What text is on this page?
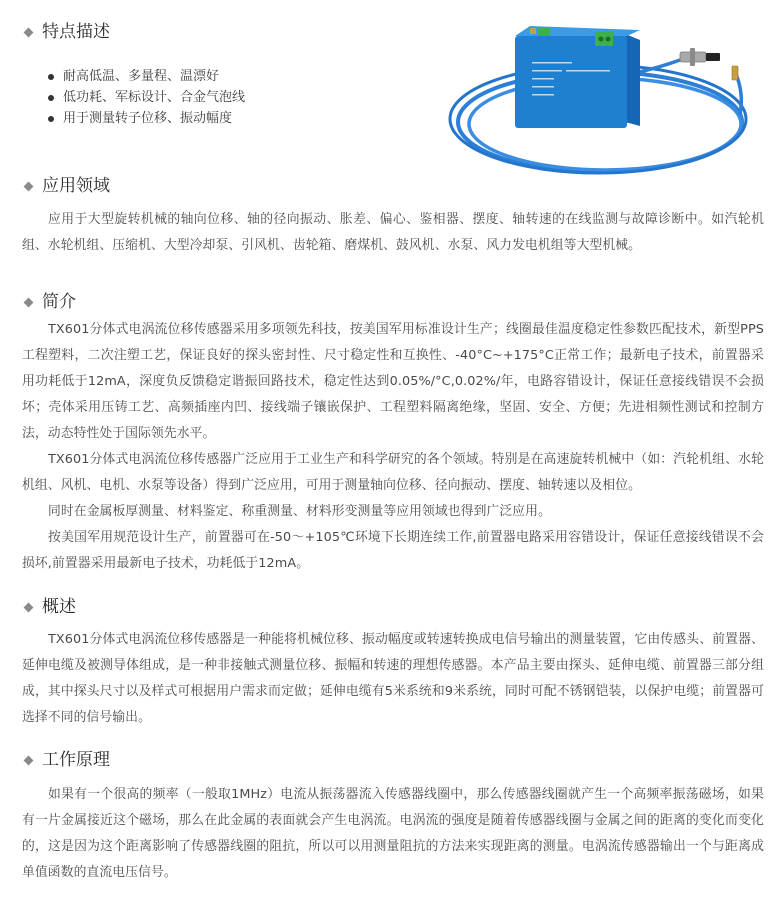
特点描述
耐高低温、多量程、温漂好
低功耗、军标设计、合金气泡线
用于测量转子位移、振动幅度
应用领域

应用于大型旋转机械的轴向位移、轴的径向振动、胀差、偏心、鉴相器、摆度、轴转速的在线监测与故障诊断中。如汽轮机组、水轮机组、压缩机、大型冷却泵、引风机、齿轮箱、磨煤机、鼓风机、水泵、风力发电机组等大型机械。

简介

TX601分体式电涡流位移传感器采用多项领先科技，按美国军用标准设计生产；线圈最佳温度稳定性参数匹配技术，新型PPS工程塑料，二次注塑工艺，保证良好的探头密封性、尺寸稳定性和互换性、-40°C~+175°C正常工作；最新电子技术，前置器采用功耗低于12mA，深度负反馈稳定谐振回路技术，稳定性达到0.05%/°C,0.02%/年，电路容错设计，保证任意接线错误不会损坏；壳体采用压铸工艺、高频插座内凹、接线端子镶嵌保护、工程塑料隔离绝缘，坚固、安全、方便；先进相频性测试和控制方法，动态特性处于国际领先水平。

TX601分体式电涡流位移传感器广泛应用于工业生产和科学研究的各个领域。特别是在高速旋转机械中（如：汽轮机组、水轮机组、风机、电机、水泵等设备）得到广泛应用，可用于测量轴向位移、径向振动、摆度、轴转速以及相位。

同时在金属板厚测量、材料鉴定、称重测量、材料形变测量等应用领域也得到广泛应用。

按美国军用规范设计生产，前置器可在-50～+105℃环境下长期连续工作,前置器电路采用容错设计，保证任意接线错误不会损坏,前置器采用最新电子技术，功耗低于12mA。

概述

TX601分体式电涡流位移传感器是一种能将机械位移、振动幅度或转速转换成电信号输出的测量装置，它由传感头、前置器、延伸电缆及被测导体组成，是一种非接触式测量位移、振幅和转速的理想传感器。本产品主要由探头、延伸电缆、前置器三部分组成，其中探头尺寸以及样式可根据用户需求而定做；延伸电缆有5米系统和9米系统，同时可配不锈钢铠装，以保护电缆；前置器可选择不同的信号输出。

工作原理

如果有一个很高的频率（一般取1MHz）电流从振荡器流入传感器线圈中，那么传感器线圈就产生一个高频率振荡磁场，如果有一片金属接近这个磁场，那么在此金属的表面就会产生电涡流。电涡流的强度是随着传感器线圈与金属之间的距离的变化而变化的，这是因为这个距离影响了传感器线圈的阻抗，所以可以用测量阻抗的方法来实现距离的测量。电涡流传感器输出一个与距离成单值函数的直流电压信号。
